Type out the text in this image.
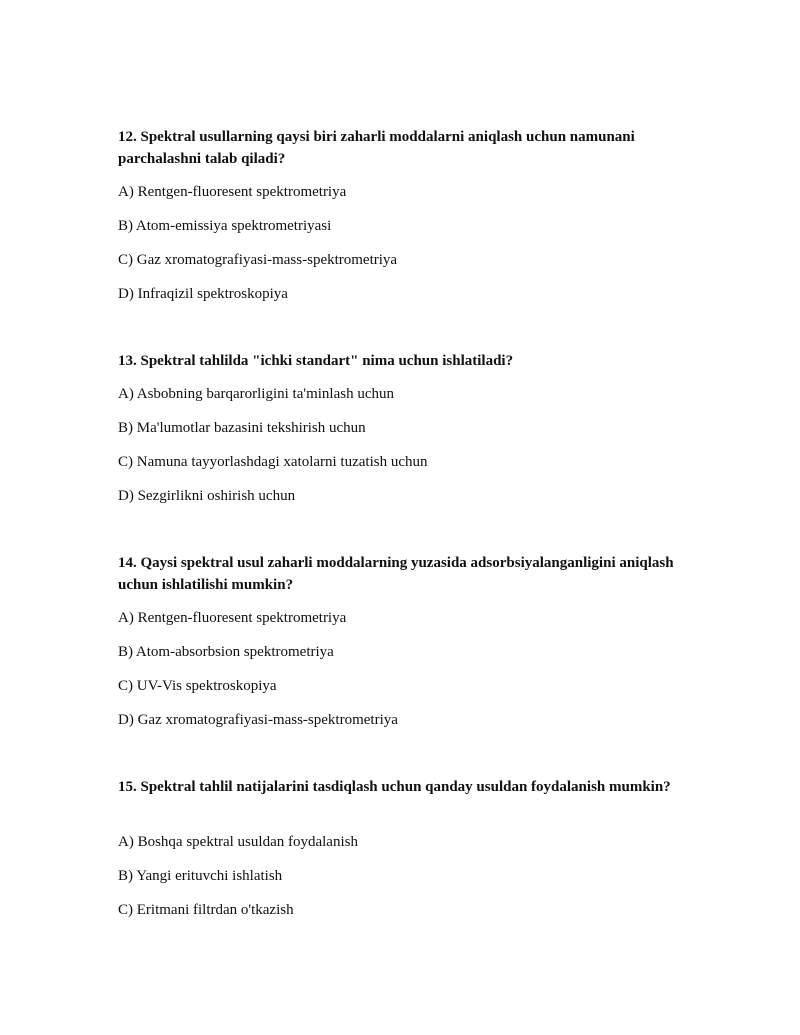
12. Spektral usullarning qaysi biri zaharli moddalarni aniqlash uchun namunani parchalashni talab qiladi?

A) Rentgen-fluoresent spektrometriya

B) Atom-emissiya spektrometriyasi

C) Gaz xromatografiyasi-mass-spektrometriya

D) Infraqizil spektroskopiya

13. Spektral tahlilda "ichki standart" nima uchun ishlatiladi?

A) Asbobning barqarorligini ta'minlash uchun

B) Ma'lumotlar bazasini tekshirish uchun

C) Namuna tayyorlashdagi xatolarni tuzatish uchun

D) Sezgirlikni oshirish uchun

14. Qaysi spektral usul zaharli moddalarning yuzasida adsorbsiyalanganligini aniqlash uchun ishlatilishi mumkin?

A) Rentgen-fluoresent spektrometriya

B) Atom-absorbsion spektrometriya

C) UV-Vis spektroskopiya

D) Gaz xromatografiyasi-mass-spektrometriya

15. Spektral tahlil natijalarini tasdiqlash uchun qanday usuldan foydalanish mumkin?

A) Boshqa spektral usuldan foydalanish

B) Yangi erituvchi ishlatish

C) Eritmani filtrdan o'tkazish
